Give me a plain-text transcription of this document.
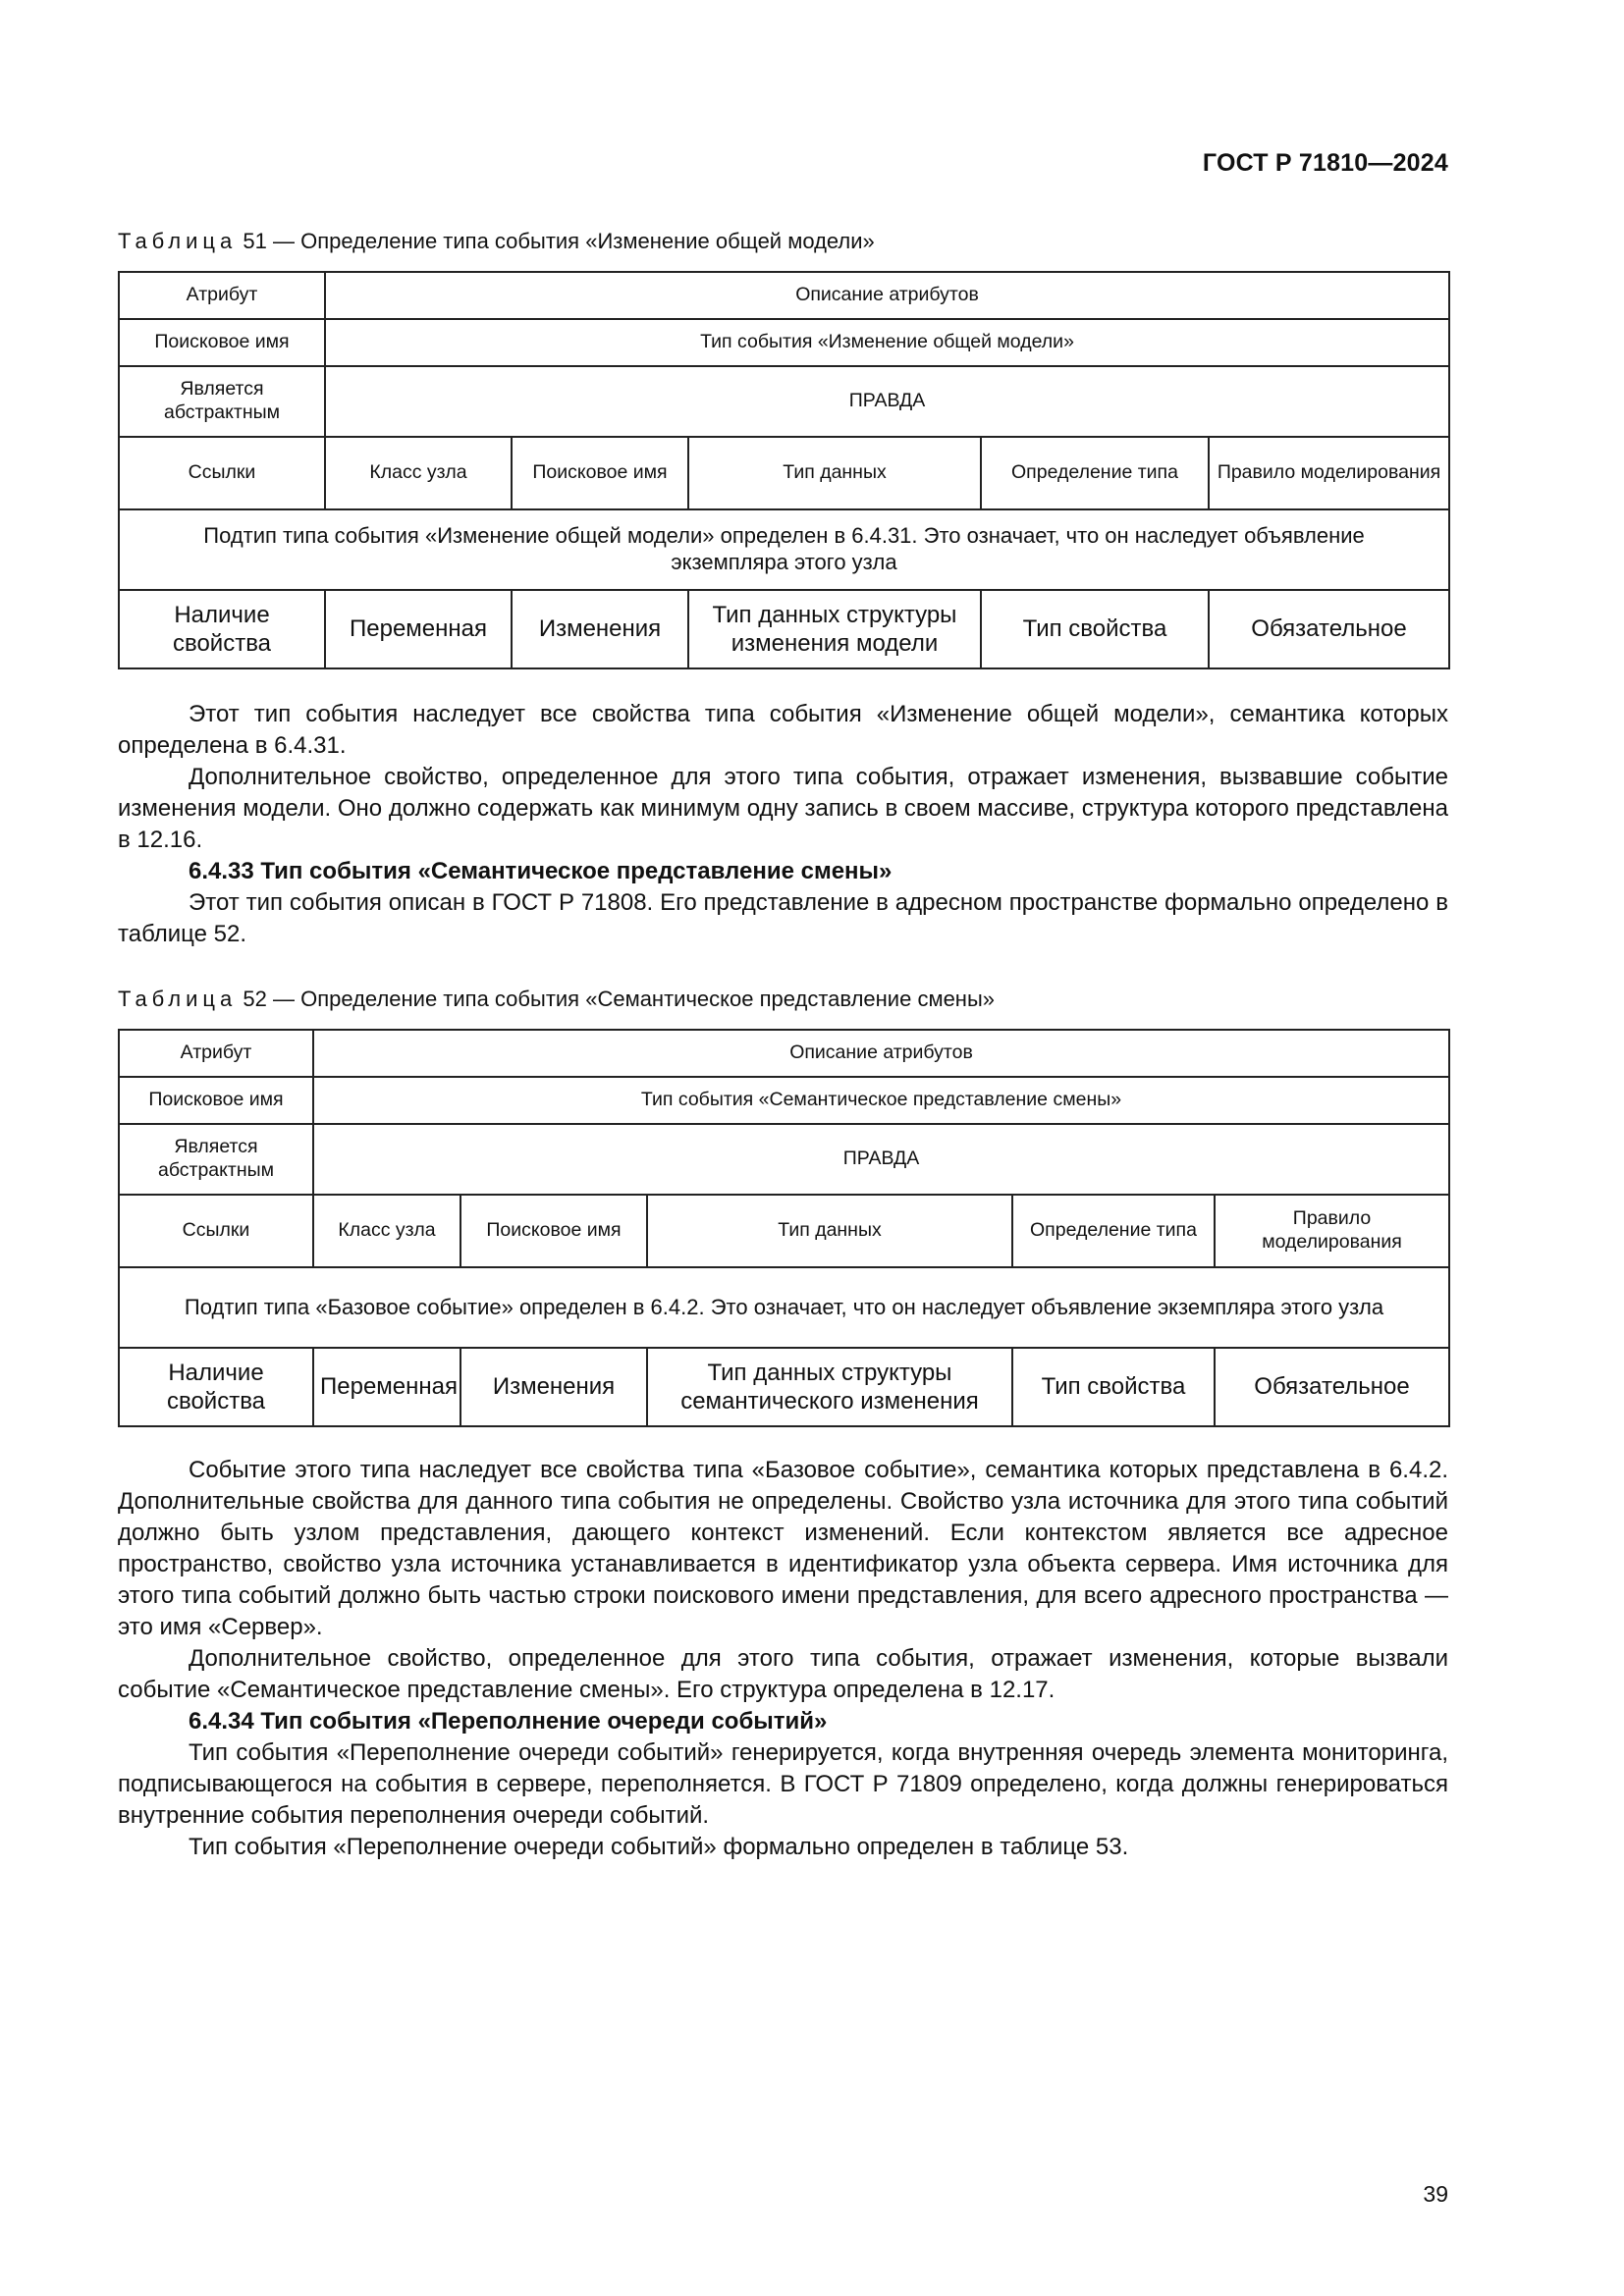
ГОСТ Р 71810—2024
Таблица 51 — Определение типа события «Изменение общей модели»
Атрибут	Описание атрибутов				
Поисковое имя	Тип события «Изменение общей модели»				
Является абстрактным	ПРАВДА				
Ссылки	Класс узла	Поисковое имя	Тип данных	Определение типа	Правило моделирования
Подтип типа события «Изменение общей модели» определен в 6.4.31. Это означает, что он наследует объявление экземпляра этого узла					
Наличие свойства	Переменная	Изменения	Тип данных структуры изменения модели	Тип свойства	Обязательное

Этот тип события наследует все свойства типа события «Изменение общей модели», семантика которых определена в 6.4.31.

Дополнительное свойство, определенное для этого типа события, отражает изменения, вызвавшие событие изменения модели. Оно должно содержать как минимум одну запись в своем массиве, структура которого представлена в 12.16.

6.4.33 Тип события «Семантическое представление смены»

Этот тип события описан в ГОСТ Р 71808. Его представление в адресном пространстве формально определено в таблице 52.

Таблица 52 — Определение типа события «Семантическое представление смены»
Атрибут	Описание атрибутов				
Поисковое имя	Тип события «Семантическое представление смены»				
Является абстрактным	ПРАВДА				
Ссылки	Класс узла	Поисковое имя	Тип данных	Определение типа	Правило моделирования
Подтип типа «Базовое событие» определен в 6.4.2. Это означает, что он наследует объявление экземпляра этого узла					
Наличие свойства	Переменная	Изменения	Тип данных структуры семантического изменения	Тип свойства	Обязательное

Событие этого типа наследует все свойства типа «Базовое событие», семантика которых представлена в 6.4.2. Дополнительные свойства для данного типа события не определены. Свойство узла источника для этого типа событий должно быть узлом представления, дающего контекст изменений. Если контекстом является все адресное пространство, свойство узла источника устанавливается в идентификатор узла объекта сервера. Имя источника для этого типа событий должно быть частью строки поискового имени представления, для всего адресного пространства — это имя «Сервер».

Дополнительное свойство, определенное для этого типа события, отражает изменения, которые вызвали событие «Семантическое представление смены». Его структура определена в 12.17.

6.4.34 Тип события «Переполнение очереди событий»

Тип события «Переполнение очереди событий» генерируется, когда внутренняя очередь элемента мониторинга, подписывающегося на события в сервере, переполняется. В ГОСТ Р 71809 определено, когда должны генерироваться внутренние события переполнения очереди событий.

Тип события «Переполнение очереди событий» формально определен в таблице 53.

39
